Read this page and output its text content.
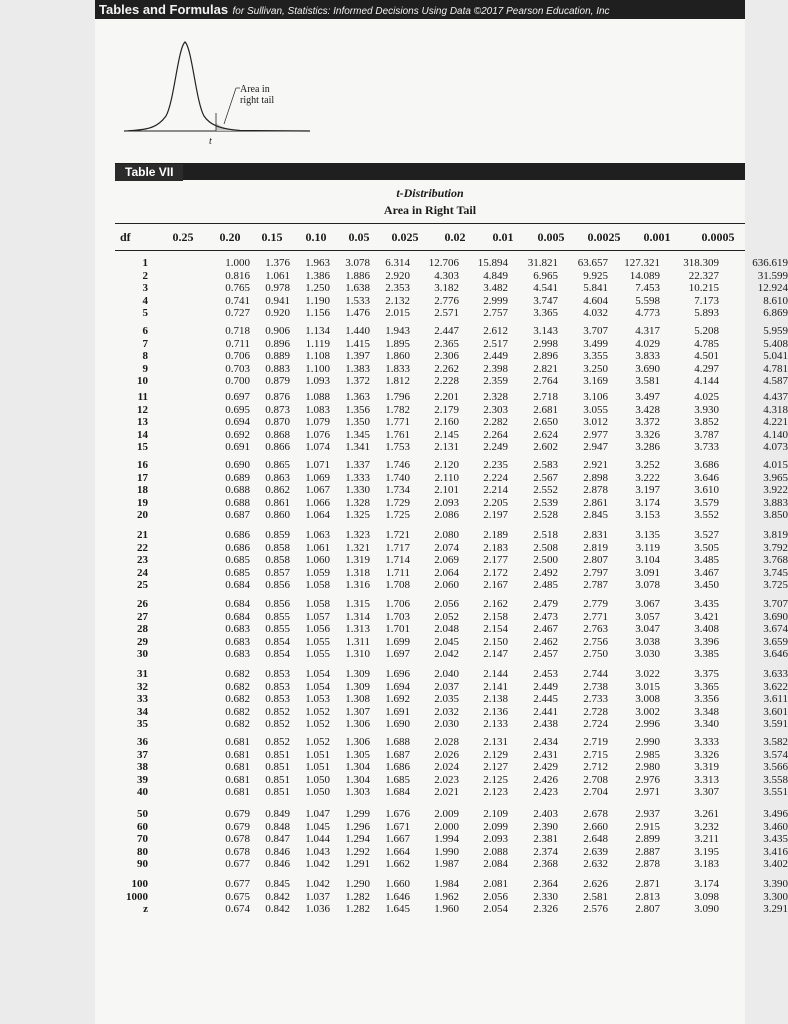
Tables and Formulas for Sullivan, Statistics: Informed Decisions Using Data ©2017 Pearson Education, Inc
Area in right tail
t
Table VII
t-Distribution
Area in Right Tail
df	0.25	0.20	0.15	0.10	0.05	0.025	0.02	0.01	0.005	0.0025	0.001	0.0005
1	1.000	1.376	1.963	3.078	6.314	12.706	15.894	31.821	63.657	127.321	318.309	636.619
2	0.816	1.061	1.386	1.886	2.920	4.303	4.849	6.965	9.925	14.089	22.327	31.599
3	0.765	0.978	1.250	1.638	2.353	3.182	3.482	4.541	5.841	7.453	10.215	12.924
4	0.741	0.941	1.190	1.533	2.132	2.776	2.999	3.747	4.604	5.598	7.173	8.610
5	0.727	0.920	1.156	1.476	2.015	2.571	2.757	3.365	4.032	4.773	5.893	6.869
6	0.718	0.906	1.134	1.440	1.943	2.447	2.612	3.143	3.707	4.317	5.208	5.959
7	0.711	0.896	1.119	1.415	1.895	2.365	2.517	2.998	3.499	4.029	4.785	5.408
8	0.706	0.889	1.108	1.397	1.860	2.306	2.449	2.896	3.355	3.833	4.501	5.041
9	0.703	0.883	1.100	1.383	1.833	2.262	2.398	2.821	3.250	3.690	4.297	4.781
10	0.700	0.879	1.093	1.372	1.812	2.228	2.359	2.764	3.169	3.581	4.144	4.587
11	0.697	0.876	1.088	1.363	1.796	2.201	2.328	2.718	3.106	3.497	4.025	4.437
12	0.695	0.873	1.083	1.356	1.782	2.179	2.303	2.681	3.055	3.428	3.930	4.318
13	0.694	0.870	1.079	1.350	1.771	2.160	2.282	2.650	3.012	3.372	3.852	4.221
14	0.692	0.868	1.076	1.345	1.761	2.145	2.264	2.624	2.977	3.326	3.787	4.140
15	0.691	0.866	1.074	1.341	1.753	2.131	2.249	2.602	2.947	3.286	3.733	4.073
16	0.690	0.865	1.071	1.337	1.746	2.120	2.235	2.583	2.921	3.252	3.686	4.015
17	0.689	0.863	1.069	1.333	1.740	2.110	2.224	2.567	2.898	3.222	3.646	3.965
18	0.688	0.862	1.067	1.330	1.734	2.101	2.214	2.552	2.878	3.197	3.610	3.922
19	0.688	0.861	1.066	1.328	1.729	2.093	2.205	2.539	2.861	3.174	3.579	3.883
20	0.687	0.860	1.064	1.325	1.725	2.086	2.197	2.528	2.845	3.153	3.552	3.850
21	0.686	0.859	1.063	1.323	1.721	2.080	2.189	2.518	2.831	3.135	3.527	3.819
22	0.686	0.858	1.061	1.321	1.717	2.074	2.183	2.508	2.819	3.119	3.505	3.792
23	0.685	0.858	1.060	1.319	1.714	2.069	2.177	2.500	2.807	3.104	3.485	3.768
24	0.685	0.857	1.059	1.318	1.711	2.064	2.172	2.492	2.797	3.091	3.467	3.745
25	0.684	0.856	1.058	1.316	1.708	2.060	2.167	2.485	2.787	3.078	3.450	3.725
26	0.684	0.856	1.058	1.315	1.706	2.056	2.162	2.479	2.779	3.067	3.435	3.707
27	0.684	0.855	1.057	1.314	1.703	2.052	2.158	2.473	2.771	3.057	3.421	3.690
28	0.683	0.855	1.056	1.313	1.701	2.048	2.154	2.467	2.763	3.047	3.408	3.674
29	0.683	0.854	1.055	1.311	1.699	2.045	2.150	2.462	2.756	3.038	3.396	3.659
30	0.683	0.854	1.055	1.310	1.697	2.042	2.147	2.457	2.750	3.030	3.385	3.646
31	0.682	0.853	1.054	1.309	1.696	2.040	2.144	2.453	2.744	3.022	3.375	3.633
32	0.682	0.853	1.054	1.309	1.694	2.037	2.141	2.449	2.738	3.015	3.365	3.622
33	0.682	0.853	1.053	1.308	1.692	2.035	2.138	2.445	2.733	3.008	3.356	3.611
34	0.682	0.852	1.052	1.307	1.691	2.032	2.136	2.441	2.728	3.002	3.348	3.601
35	0.682	0.852	1.052	1.306	1.690	2.030	2.133	2.438	2.724	2.996	3.340	3.591
36	0.681	0.852	1.052	1.306	1.688	2.028	2.131	2.434	2.719	2.990	3.333	3.582
37	0.681	0.851	1.051	1.305	1.687	2.026	2.129	2.431	2.715	2.985	3.326	3.574
38	0.681	0.851	1.051	1.304	1.686	2.024	2.127	2.429	2.712	2.980	3.319	3.566
39	0.681	0.851	1.050	1.304	1.685	2.023	2.125	2.426	2.708	2.976	3.313	3.558
40	0.681	0.851	1.050	1.303	1.684	2.021	2.123	2.423	2.704	2.971	3.307	3.551
50	0.679	0.849	1.047	1.299	1.676	2.009	2.109	2.403	2.678	2.937	3.261	3.496
60	0.679	0.848	1.045	1.296	1.671	2.000	2.099	2.390	2.660	2.915	3.232	3.460
70	0.678	0.847	1.044	1.294	1.667	1.994	2.093	2.381	2.648	2.899	3.211	3.435
80	0.678	0.846	1.043	1.292	1.664	1.990	2.088	2.374	2.639	2.887	3.195	3.416
90	0.677	0.846	1.042	1.291	1.662	1.987	2.084	2.368	2.632	2.878	3.183	3.402
100	0.677	0.845	1.042	1.290	1.660	1.984	2.081	2.364	2.626	2.871	3.174	3.390
1000	0.675	0.842	1.037	1.282	1.646	1.962	2.056	2.330	2.581	2.813	3.098	3.300
z	0.674	0.842	1.036	1.282	1.645	1.960	2.054	2.326	2.576	2.807	3.090	3.291
